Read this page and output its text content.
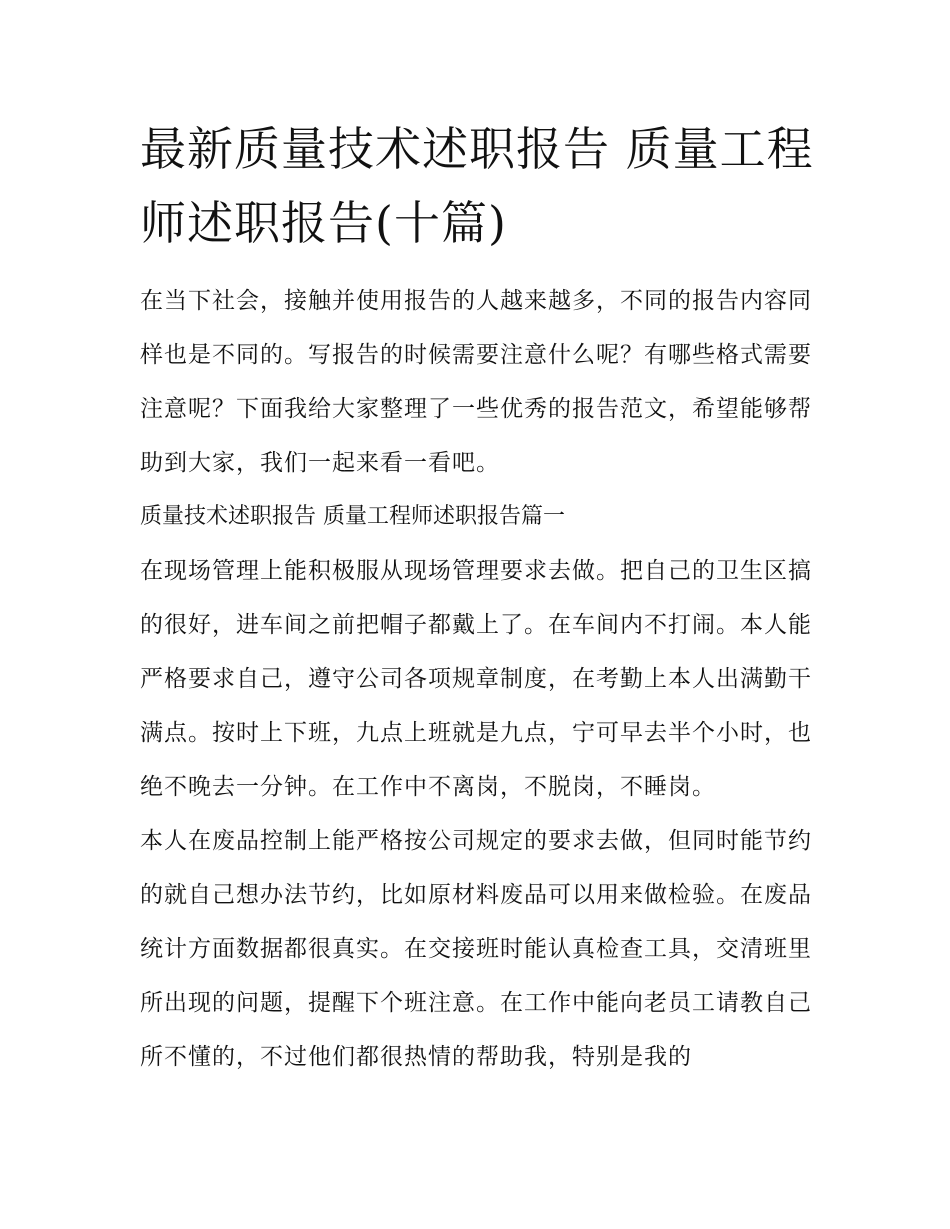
最新质量技术述职报告 质量工程师述职报告(十篇)

在当下社会，接触并使用报告的人越来越多，不同的报告内容同样也是不同的。写报告的时候需要注意什么呢？有哪些格式需要注意呢？下面我给大家整理了一些优秀的报告范文，希望能够帮助到大家，我们一起来看一看吧。

质量技术述职报告 质量工程师述职报告篇一

在现场管理上能积极服从现场管理要求去做。把自己的卫生区搞的很好，进车间之前把帽子都戴上了。在车间内不打闹。本人能严格要求自己，遵守公司各项规章制度，在考勤上本人出满勤干满点。按时上下班，九点上班就是九点，宁可早去半个小时，也绝不晚去一分钟。在工作中不离岗，不脱岗，不睡岗。

本人在废品控制上能严格按公司规定的要求去做，但同时能节约的就自己想办法节约，比如原材料废品可以用来做检验。在废品统计方面数据都很真实。在交接班时能认真检查工具，交清班里所出现的问题，提醒下个班注意。在工作中能向老员工请教自己所不懂的，不过他们都很热情的帮助我，特别是我的
